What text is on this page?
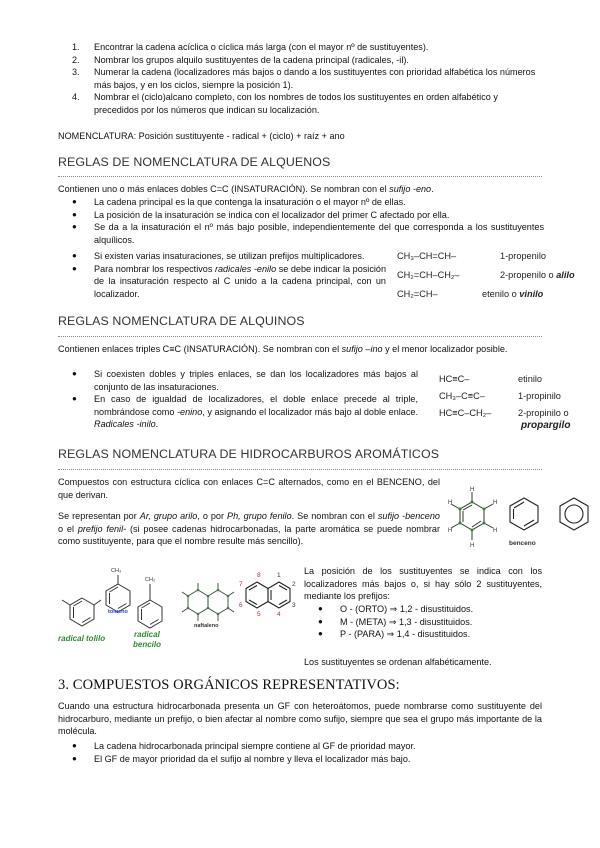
1. Encontrar la cadena acíclica o cíclica más larga (con el mayor nº de sustituyentes).
2. Nombrar los grupos alquilo sustituyentes de la cadena principal (radicales, -il).
3. Numerar la cadena (localizadores más bajos o dando a los sustituyentes con prioridad alfabética los números más bajos, y en los ciclos, siempre la posición 1).
4. Nombrar el (ciclo)alcano completo, con los nombres de todos los sustituyentes en orden alfabético y precedidos por los números que indican su localización.
NOMENCLATURA: Posición sustituyente - radical + (ciclo) + raíz + ano
REGLAS DE NOMENCLATURA DE ALQUENOS
Contienen uno o más enlaces dobles C=C (INSATURACIÓN). Se nombran con el sufijo -eno.
● La cadena principal es la que contenga la insaturación o el mayor nº de ellas.
● La posición de la insaturación se indica con el localizador del primer C afectado por ella.
● Se da a la insaturación el nº más bajo posible, independientemente del que corresponda a los sustituyentes alquílicos.
● Si existen varias insaturaciones, se utilizan prefijos multiplicadores.
● Para nombrar los respectivos radicales -enilo se debe indicar la posición de la insaturación respecto al C unido a la cadena principal, con un localizador.
CH₃–CH=CH–	1-propenilo
CH₂=CH–CH₂–	2-propenilo o alilo
CH₂=CH–	etenilo o vinilo
REGLAS NOMENCLATURA DE ALQUINOS
Contienen enlaces triples C≡C (INSATURACIÓN). Se nombran con el sufijo –ino y el menor localizador posible.
● Si coexisten dobles y triples enlaces, se dan los localizadores más bajos al conjunto de las insaturaciones.
● En caso de igualdad de localizadores, el doble enlace precede al triple, nombrándose como -enino, y asignando el localizador más bajo al doble enlace. Radicales -inilo.
HC≡C–	etinilo
CH₃–C≡C–	1-propinilo
HC≡C–CH₂–	2-propinilo o
propargilo
REGLAS NOMENCLATURA DE HIDROCARBUROS AROMÁTICOS
Compuestos con estructura cíclica con enlaces C=C alternados, como en el BENCENO, del que derivan.
Se representan por Ar, grupo arilo, o por Ph, grupo fenilo. Se nombran con el sufijo -benceno o el prefijo fenil- (si posee cadenas hidrocarbonadas, la parte aromática se puede nombrar como sustituyente, para que el nombre resulte más sencillo).
H
H
H
H
H
H
benceno
8	1
7	2
6	3
5	4
CH₃
CH₂
radical tolilo
tolueno
radical
bencilo
naftaleno
La posición de los sustituyentes se indica con los localizadores más bajos o, si hay sólo 2 sustituyentes, mediante los prefijos:
● O - (ORTO) ⇒ 1,2 - disustituidos.
● M - (META) ⇒ 1,3 - disustituidos.
● P - (PARA) ⇒ 1,4 - disustituidos.
Los sustituyentes se ordenan alfabéticamente.
3. COMPUESTOS ORGÁNICOS REPRESENTATIVOS:
Cuando una estructura hidrocarbonada presenta un GF con heteroátomos, puede nombrarse como sustituyente del hidrocarburo, mediante un prefijo, o bien afectar al nombre como sufijo, siempre que sea el grupo más importante de la molécula.
● La cadena hidrocarbonada principal siempre contiene al GF de prioridad mayor.
● El GF de mayor prioridad da el sufijo al nombre y lleva el localizador más bajo.
